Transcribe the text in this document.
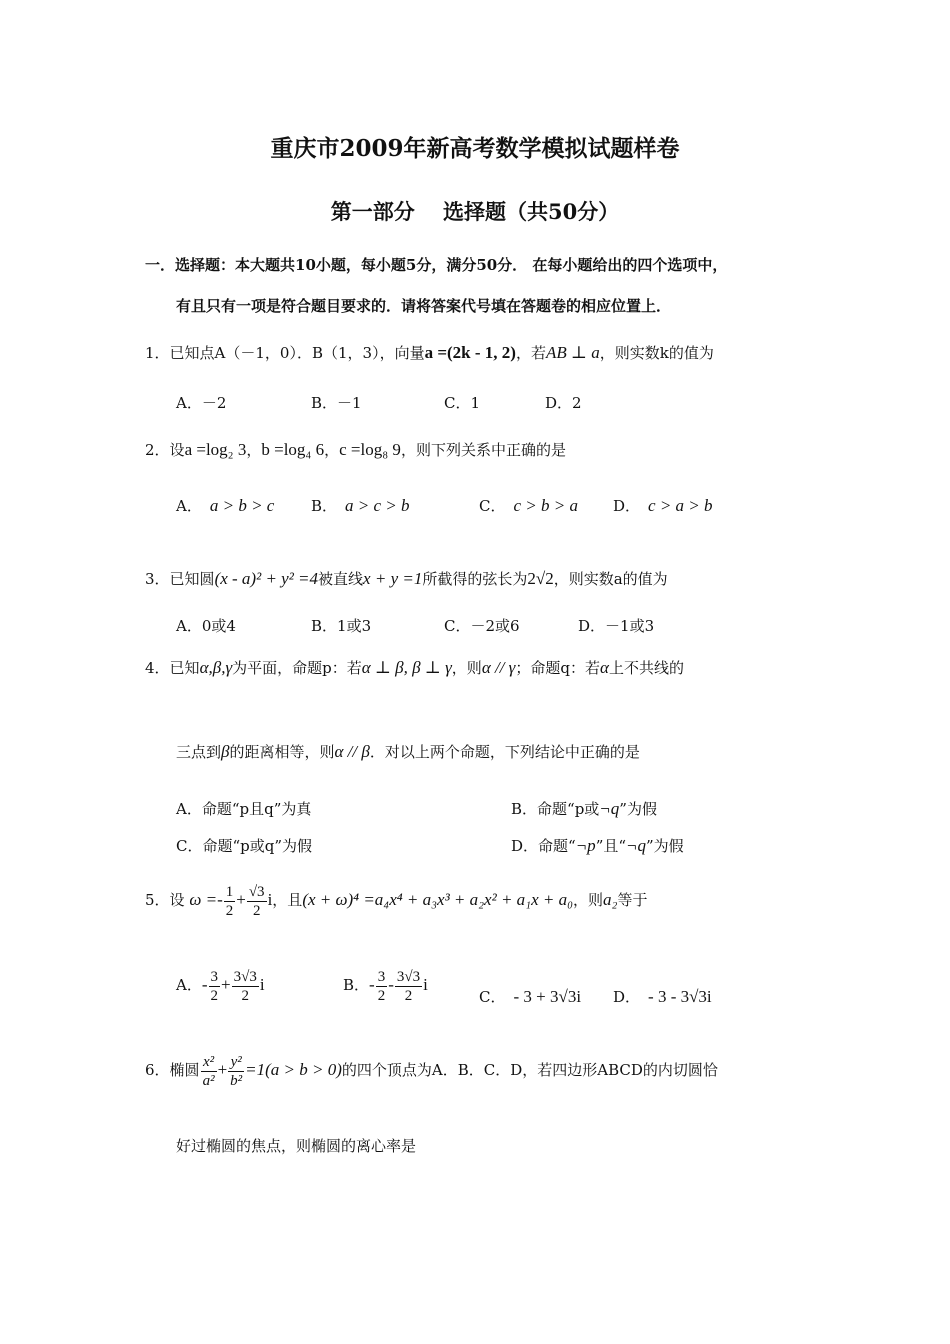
重庆市2009年新高考数学模拟试题样卷
第一部分　 选择题（共50分）
一．选择题：本大题共10小题，每小题5分，满分50分． 在每小题给出的四个选项中，
有且只有一项是符合题目要求的．请将答案代号填在答题卷的相应位置上．
1．已知点A（－1，0）．B（1，3），向量a =(2k - 1, 2)，若AB ⊥ a，则实数k的值为
A．－2	B．－1	C．1	D．2
2．设a =log₂ 3，b =log₄ 6，c =log₈ 9，则下列关系中正确的是
A． a > b > c B． a > c > b	C． c > b > a D． c > a > b
3．已知圆(x - a)² + y² =4被直线x + y =1所截得的弦长为2√2，则实数a的值为
A．0或4	B．1或3	C．－2或6	D．－1或3
4．已知α,β,γ为平面，命题p：若α ⊥ β, β ⊥ γ，则α // γ；命题q：若α上不共线的
三点到β的距离相等，则α // β．对以上两个命题，下列结论中正确的是
A．命题“p且q”为真	B．命题“p或¬q”为假
C．命题“p或q”为假	D．命题“¬p”且“¬q”为假
5．设 $\omega =- \frac{1}{2} + \frac{√3}{2}$ i，且(x + ω)⁴ =a₄x⁴ + a₃x³ + a₂x² + a₁x + a₀，则a₂等于
A．- $\frac{3}{2} + \frac{3√3}{2}$ i	B．- $\frac{3}{2} - \frac{3√3}{2}$ i
C． - 3 + 3√3i D． - 3 - 3√3i
6．椭圆 $\frac{\text{x²}}{\text{a²}} + \frac{\text{y²}}{\text{b²}} =1(a > b > 0)$的四个顶点为A．B．C．D，若四边形ABCD的内切圆恰
好过椭圆的焦点，则椭圆的离心率是
